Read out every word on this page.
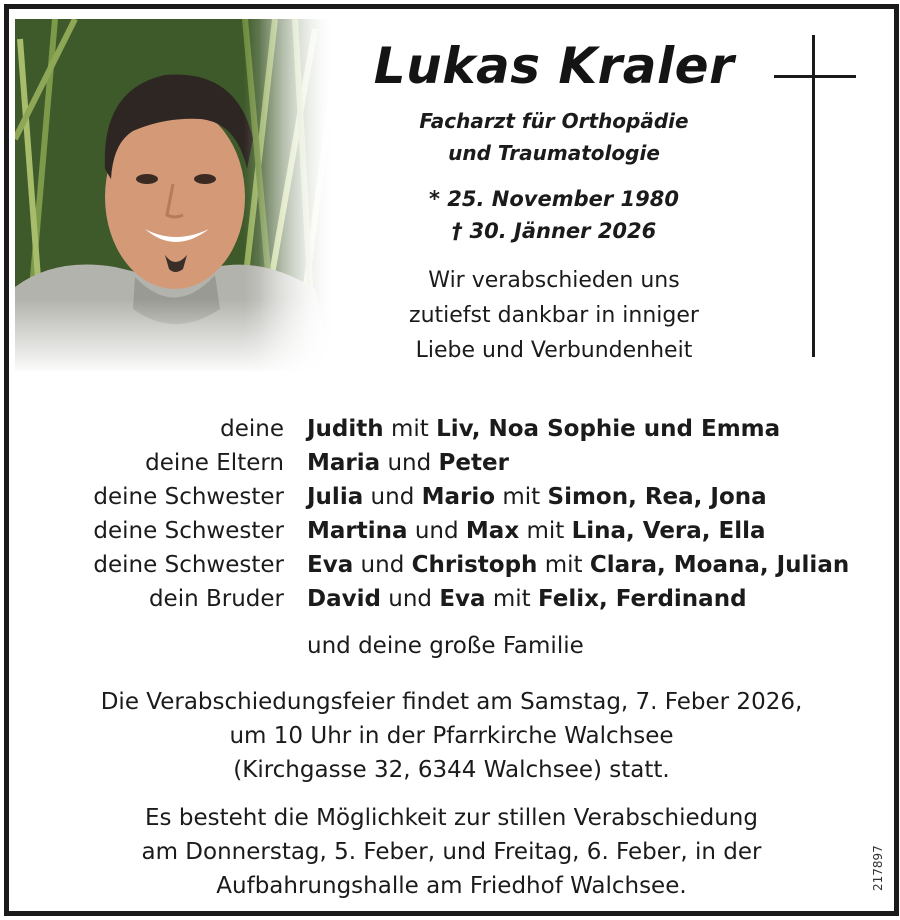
Lukas Kraler
Facharzt für Orthopädie
und Traumatologie
* 25. November 1980
† 30. Jänner 2026
Wir verabschieden uns
zutiefst dankbar in inniger
Liebe und Verbundenheit
deine Judith mit Liv, Noa Sophie und Emma
deine Eltern Maria und Peter
deine Schwester Julia und Mario mit Simon, Rea, Jona
deine Schwester Martina und Max mit Lina, Vera, Ella
deine Schwester Eva und Christoph mit Clara, Moana, Julian
dein Bruder David und Eva mit Felix, Ferdinand
und deine große Familie
Die Verabschiedungsfeier findet am Samstag, 7. Feber 2026,
um 10 Uhr in der Pfarrkirche Walchsee
(Kirchgasse 32, 6344 Walchsee) statt.
Es besteht die Möglichkeit zur stillen Verabschiedung
am Donnerstag, 5. Feber, und Freitag, 6. Feber, in der
Aufbahrungshalle am Friedhof Walchsee.	217897
